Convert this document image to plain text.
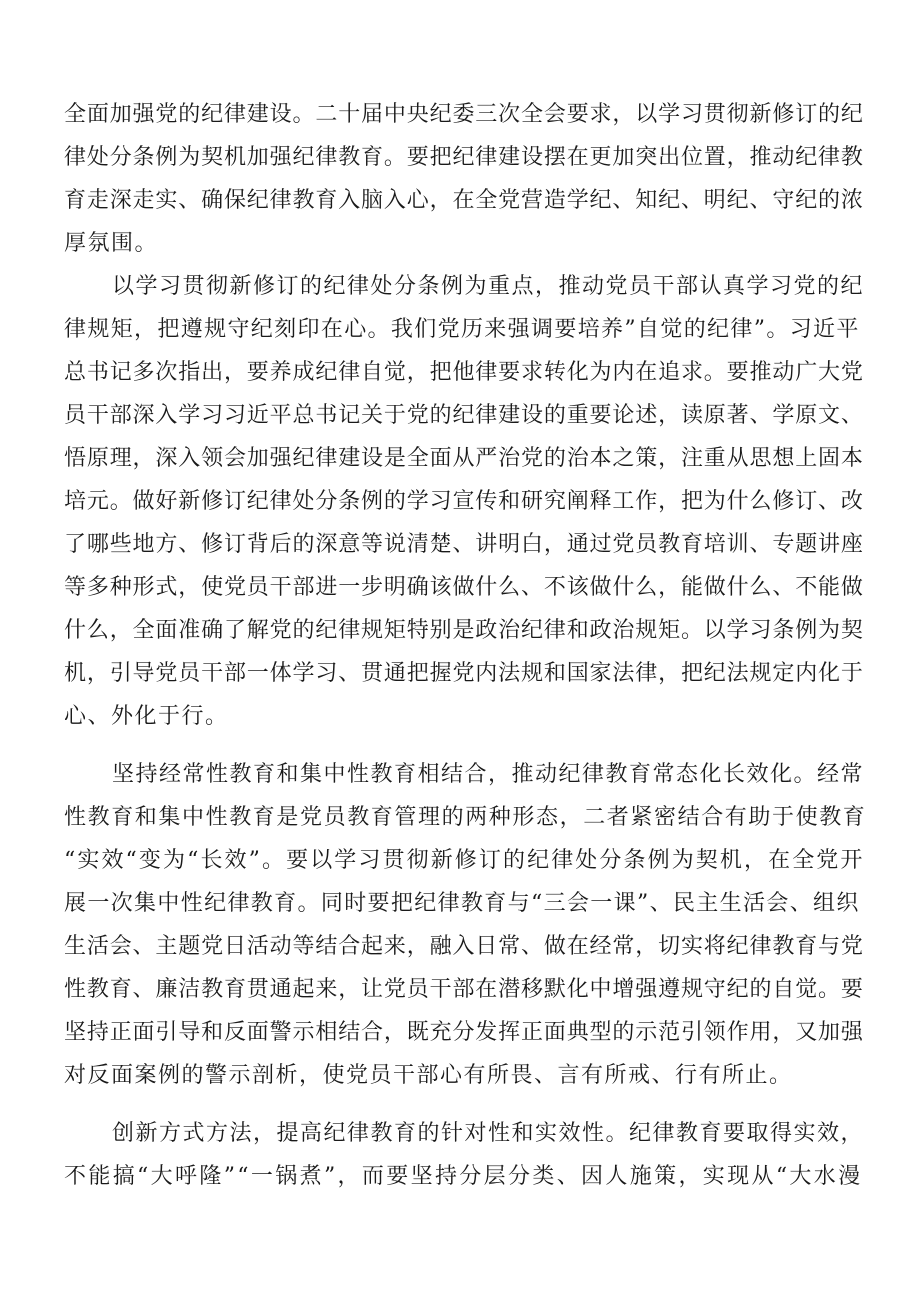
全面加强党的纪律建设。二十届中央纪委三次全会要求，以学习贯彻新修订的纪
律处分条例为契机加强纪律教育。要把纪律建设摆在更加突出位置，推动纪律教
育走深走实、确保纪律教育入脑入心，在全党营造学纪、知纪、明纪、守纪的浓
厚氛围。
以学习贯彻新修订的纪律处分条例为重点，推动党员干部认真学习党的纪
律规矩，把遵规守纪刻印在心。我们党历来强调要培养”自觉的纪律”。习近平
总书记多次指出，要养成纪律自觉，把他律要求转化为内在追求。要推动广大党
员干部深入学习习近平总书记关于党的纪律建设的重要论述，读原著、学原文、
悟原理，深入领会加强纪律建设是全面从严治党的治本之策，注重从思想上固本
培元。做好新修订纪律处分条例的学习宣传和研究阐释工作，把为什么修订、改
了哪些地方、修订背后的深意等说清楚、讲明白，通过党员教育培训、专题讲座
等多种形式，使党员干部进一步明确该做什么、不该做什么，能做什么、不能做
什么，全面准确了解党的纪律规矩特别是政治纪律和政治规矩。以学习条例为契
机，引导党员干部一体学习、贯通把握党内法规和国家法律，把纪法规定内化于
心、外化于行。
坚持经常性教育和集中性教育相结合，推动纪律教育常态化长效化。经常
性教育和集中性教育是党员教育管理的两种形态，二者紧密结合有助于使教育
“实效“变为“长效”。要以学习贯彻新修订的纪律处分条例为契机，在全党开
展一次集中性纪律教育。同时要把纪律教育与“三会一课”、民主生活会、组织
生活会、主题党日活动等结合起来，融入日常、做在经常，切实将纪律教育与党
性教育、廉洁教育贯通起来，让党员干部在潜移默化中增强遵规守纪的自觉。要
坚持正面引导和反面警示相结合，既充分发挥正面典型的示范引领作用，又加强
对反面案例的警示剖析，使党员干部心有所畏、言有所戒、行有所止。
创新方式方法，提高纪律教育的针对性和实效性。纪律教育要取得实效，
不能搞“大呼隆”“一锅煮”，而要坚持分层分类、因人施策，实现从“大水漫
